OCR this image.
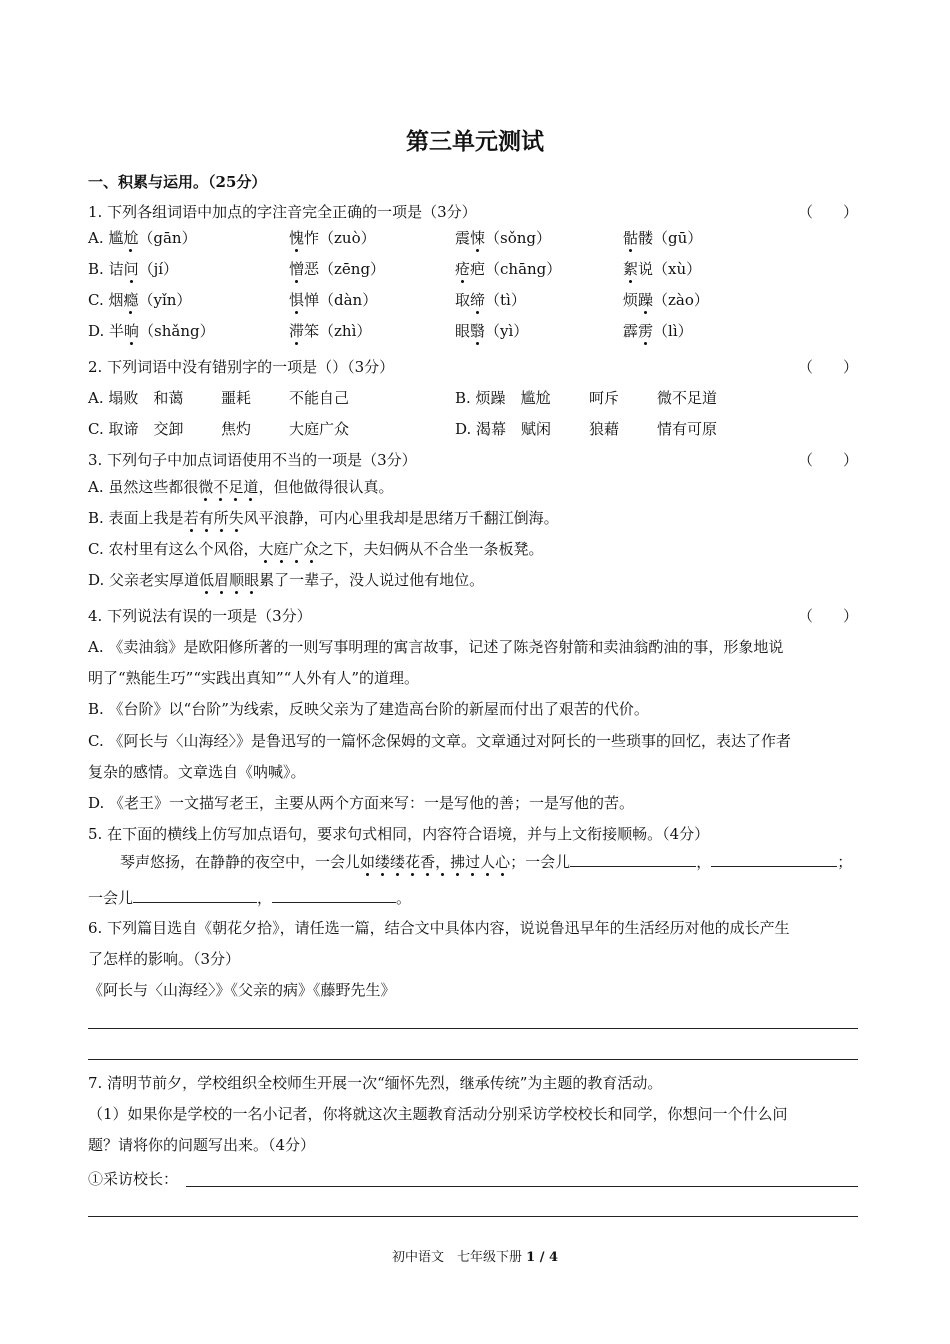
第三单元测试
一、积累与运用。（25分）
1. 下列各组词语中加点的字注音完全正确的一项是（3分）	（　　）
A. 尴尬（gān）	愧怍（zuò）	震悚（sǒng）	骷髅（gū）
B. 诘问（jí）	憎恶（zēng）	疮疤（chāng）	絮说（xù）
C. 烟瘾（yǐn）	惧惮（dàn）	取缔（tì）	烦躁（zào）
D. 半晌（shǎng）	滞笨（zhì）	眼翳（yì）	霹雳（lì）
2. 下列词语中没有错别字的一项是（）（3分）	（　　）
A. 塌败　和蔼	噩耗	不能自己	B. 烦躁　尴尬	呵斥	微不足道
C. 取谛　交卸	焦灼	大庭广众	D. 渴幕　赋闲	狼藉	情有可原
3. 下列句子中加点词语使用不当的一项是（3分）	（　　）
A. 虽然这些都很微不足道，但他做得很认真。
B. 表面上我是若有所失风平浪静，可内心里我却是思绪万千翻江倒海。
C. 农村里有这么个风俗，大庭广众之下，夫妇俩从不合坐一条板凳。
D. 父亲老实厚道低眉顺眼累了一辈子，没人说过他有地位。
4. 下列说法有误的一项是（3分）	（　　）
A. 《卖油翁》是欧阳修所著的一则写事明理的寓言故事，记述了陈尧咨射箭和卖油翁酌油的事，形象地说
明了“熟能生巧”“实践出真知”“人外有人”的道理。
B. 《台阶》以“台阶”为线索，反映父亲为了建造高台阶的新屋而付出了艰苦的代价。
C. 《阿长与〈山海经〉》是鲁迅写的一篇怀念保姆的文章。文章通过对阿长的一些琐事的回忆，表达了作者
复杂的感情。文章选自《呐喊》。
D. 《老王》一文描写老王，主要从两个方面来写：一是写他的善；一是写他的苦。
5. 在下面的横线上仿写加点语句，要求句式相同，内容符合语境，并与上文衔接顺畅。（4分）
琴声悠扬，在静静的夜空中，一会儿如缕缕花香，拂过人心；一会儿	，	；
一会儿	，	。
6. 下列篇目选自《朝花夕拾》，请任选一篇，结合文中具体内容，说说鲁迅早年的生活经历对他的成长产生
了怎样的影响。（3分）
《阿长与〈山海经〉》《父亲的病》《藤野先生》
7. 清明节前夕，学校组织全校师生开展一次“缅怀先烈，继承传统”为主题的教育活动。
（1）如果你是学校的一名小记者，你将就这次主题教育活动分别采访学校校长和同学，你想问一个什么问
题？请将你的问题写出来。（4分）
①采访校长：
初中语文　七年级下册 1 / 4
